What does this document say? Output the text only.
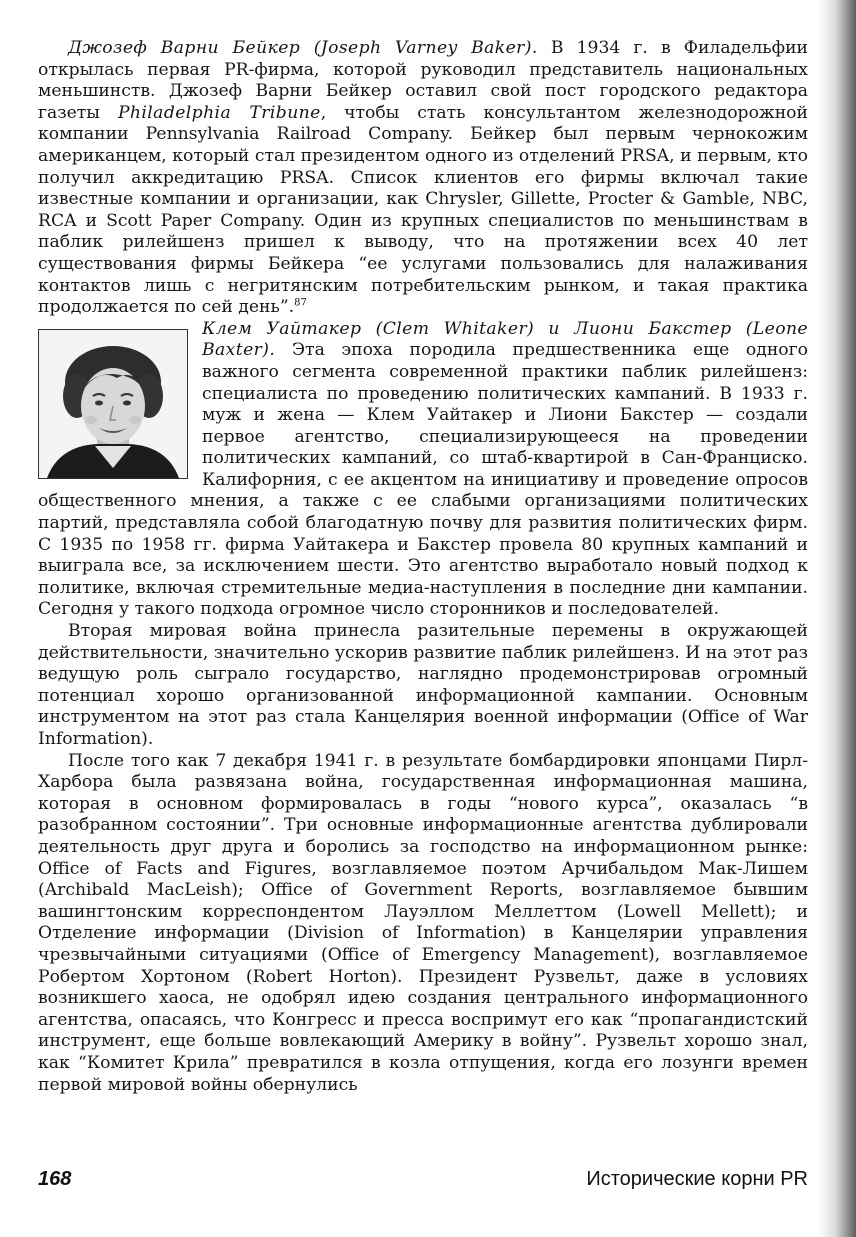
Джозеф Варни Бейкер (Joseph Varney Baker). В 1934 г. в Филадельфии открылась первая PR-фирма, которой руководил представитель национальных меньшинств. Джозеф Варни Бейкер оставил свой пост городского редактора газеты Philadelphia Tribune, чтобы стать консультантом железнодорожной компании Pennsylvania Railroad Company. Бейкер был первым чернокожим американцем, который стал президентом одного из отделений PRSA, и первым, кто получил аккредитацию PRSA. Список клиентов его фирмы включал такие известные компании и организации, как Chrysler, Gillette, Procter & Gamble, NBC, RCA и Scott Paper Company. Один из крупных специалистов по меньшинствам в паблик рилейшенз пришел к выводу, что на протяжении всех 40 лет существования фирмы Бейкера “ее услугами пользовались для налаживания контактов лишь с негритянским потребительским рынком, и такая практика продолжается по сей день”.$^{87}$

Клем Уайтакер (Clem Whitaker) и Лиони Бакстер (Leone Baxter). Эта эпоха породила предшественника еще одного важного сегмента современной практики паблик рилейшенз: специалиста по проведению политических кампаний. В 1933 г. муж и жена — Клем Уайтакер и Лиони Бакстер — создали первое агентство, специализирующееся на проведении политических кампаний, со штаб-квартирой в Сан-Франциско. Калифорния, с ее акцентом на инициативу и проведение опросов общественного мнения, а также с ее слабыми организациями политических партий, представляла собой благодатную почву для развития политических фирм. С 1935 по 1958 гг. фирма Уайтакера и Бакстер провела 80 крупных кампаний и выиграла все, за исключением шести. Это агентство выработало новый подход к политике, включая стремительные медиа-наступления в последние дни кампании. Сегодня у такого подхода огромное число сторонников и последователей.

Вторая мировая война принесла разительные перемены в окружающей действительности, значительно ускорив развитие паблик рилейшенз. И на этот раз ведущую роль сыграло государство, наглядно продемонстрировав огромный потенциал хорошо организованной информационной кампании. Основным инструментом на этот раз стала Канцелярия военной информации (Office of War Information).

После того как 7 декабря 1941 г. в результате бомбардировки японцами Пирл-Харбора была развязана война, государственная информационная машина, которая в основном формировалась в годы “нового курса”, оказалась “в разобранном состоянии”. Три основные информационные агентства дублировали деятельность друг друга и боролись за господство на информационном рынке: Office of Facts and Figures, возглавляемое поэтом Арчибальдом Мак-Лишем (Archibald MacLeish); Office of Government Reports, возглавляемое бывшим вашингтонским корреспондентом Лауэллом Меллеттом (Lowell Mellett); и Отделение информации (Division of Information) в Канцелярии управления чрезвычайными ситуациями (Office of Emergency Management), возглавляемое Робертом Хортоном (Robert Horton). Президент Рузвельт, даже в условиях возникшего хаоса, не одобрял идею создания центрального информационного агентства, опасаясь, что Конгресс и пресса воспримут его как “пропагандистский инструмент, еще больше вовлекающий Америку в войну”. Рузвельт хорошо знал, как “Комитет Крила” превратился в козла отпущения, когда его лозунги времен первой мировой войны обернулись

168	Исторические корни PR
